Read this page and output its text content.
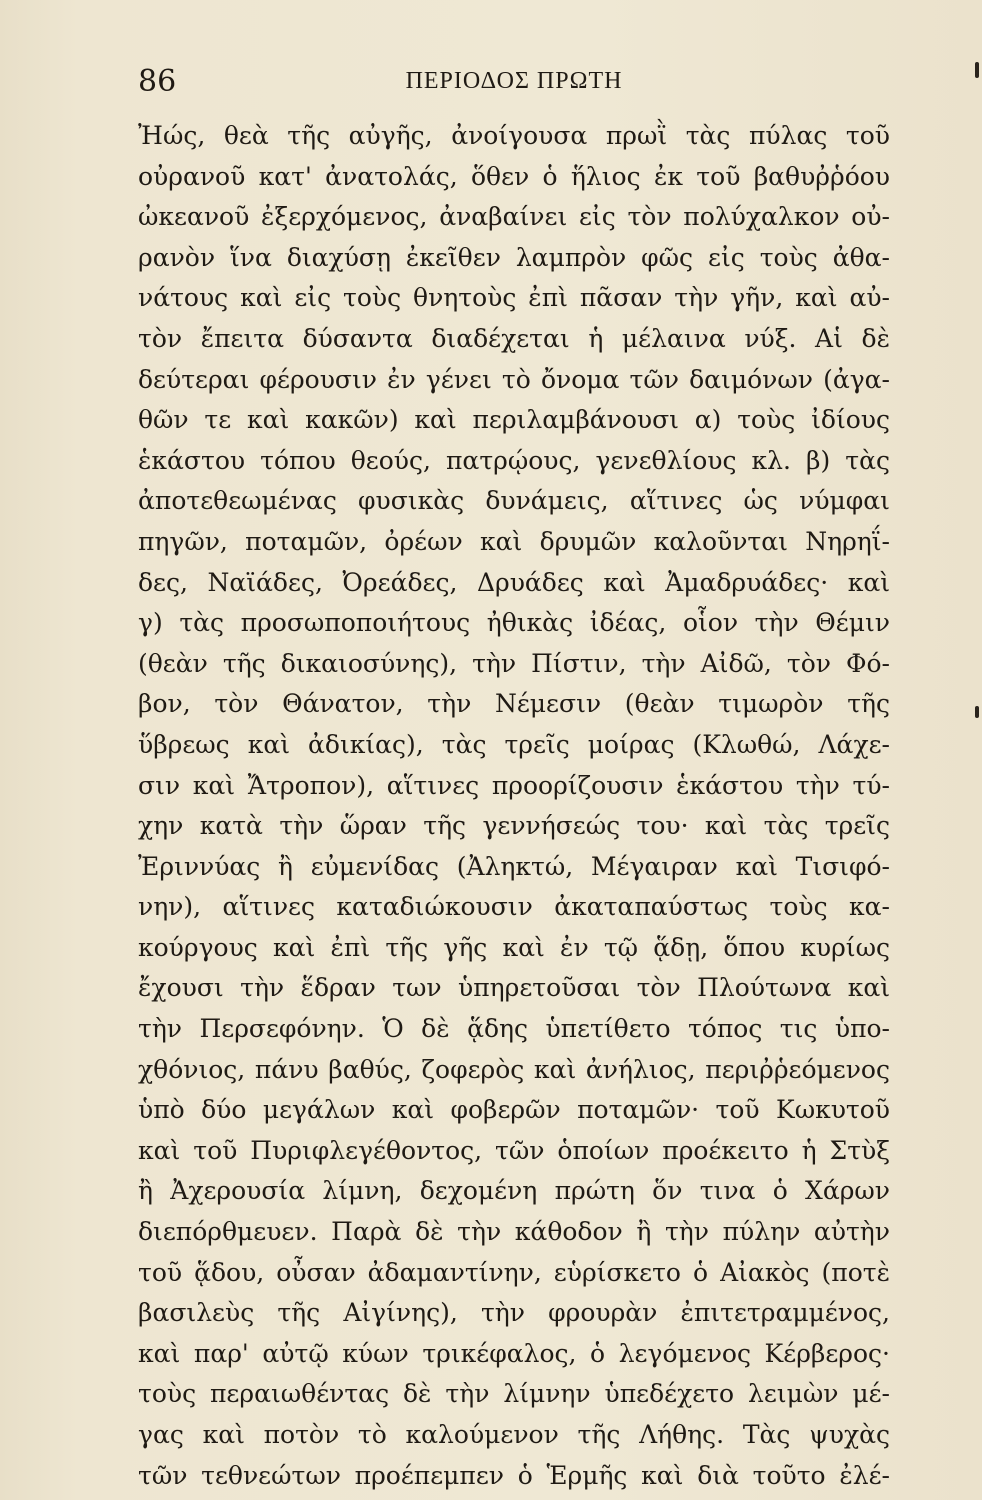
86	ΠΕΡΙΟΔΟΣ ΠΡΩΤΗ
Ἠώς, θεὰ τῆς αὐγῆς, ἀνοίγουσα πρωῒ τὰς πύλας τοῦ
οὐρανοῦ κατ' ἀνατολάς, ὅθεν ὁ ἥλιος ἐκ τοῦ βαθυῤῥόου
ὠκεανοῦ ἐξερχόμενος, ἀναβαίνει εἰς τὸν πολύχαλκον οὐ-
ρανὸν ἵνα διαχύσῃ ἐκεῖθεν λαμπρὸν φῶς εἰς τοὺς ἀθα-
νάτους καὶ εἰς τοὺς θνητοὺς ἐπὶ πᾶσαν τὴν γῆν, καὶ αὐ-
τὸν ἔπειτα δύσαντα διαδέχεται ἡ μέλαινα νύξ. Αἱ δὲ
δεύτεραι φέρουσιν ἐν γένει τὸ ὄνομα τῶν δαιμόνων (ἀγα-
θῶν τε καὶ κακῶν) καὶ περιλαμβάνουσι α) τοὺς ἰδίους
ἑκάστου τόπου θεούς, πατρῴους, γενεθλίους κλ. β) τὰς
ἀποτεθεωμένας φυσικὰς δυνάμεις, αἵτινες ὡς νύμφαι
πηγῶν, ποταμῶν, ὀρέων καὶ δρυμῶν καλοῦνται Νηρηΐ-
δες, Ναϊάδες, Ὀρεάδες, Δρυάδες καὶ Ἀμαδρυάδες· καὶ
γ) τὰς προσωποποιήτους ἠθικὰς ἰδέας, οἷον τὴν Θέμιν
(θεὰν τῆς δικαιοσύνης), τὴν Πίστιν, τὴν Αἰδῶ, τὸν Φό-
βον, τὸν Θάνατον, τὴν Νέμεσιν (θεὰν τιμωρὸν τῆς
ὕβρεως καὶ ἀδικίας), τὰς τρεῖς μοίρας (Κλωθώ, Λάχε-
σιν καὶ Ἄτροπον), αἵτινες προορίζουσιν ἑκάστου τὴν τύ-
χην κατὰ τὴν ὥραν τῆς γεννήσεώς του· καὶ τὰς τρεῖς
Ἐριννύας ἢ εὐμενίδας (Ἀληκτώ, Μέγαιραν καὶ Τισιφό-
νην), αἵτινες καταδιώκουσιν ἀκαταπαύστως τοὺς κα-
κούργους καὶ ἐπὶ τῆς γῆς καὶ ἐν τῷ ᾅδῃ, ὅπου κυρίως
ἔχουσι τὴν ἕδραν των ὑπηρετοῦσαι τὸν Πλούτωνα καὶ
τὴν Περσεφόνην. Ὁ δὲ ᾅδης ὑπετίθετο τόπος τις ὑπο-
χθόνιος, πάνυ βαθύς, ζοφερὸς καὶ ἀνήλιος, περιῤῥεόμενος
ὑπὸ δύο μεγάλων καὶ φοβερῶν ποταμῶν· τοῦ Κωκυτοῦ
καὶ τοῦ Πυριφλεγέθοντος, τῶν ὁποίων προέκειτο ἡ Στὺξ
ἢ Ἀχερουσία λίμνη, δεχομένη πρώτη ὅν τινα ὁ Χάρων
διεπόρθμευεν. Παρὰ δὲ τὴν κάθοδον ἢ τὴν πύλην αὐτὴν
τοῦ ᾅδου, οὖσαν ἀδαμαντίνην, εὑρίσκετο ὁ Αἰακὸς (ποτὲ
βασιλεὺς τῆς Αἰγίνης), τὴν φρουρὰν ἐπιτετραμμένος,
καὶ παρ' αὐτῷ κύων τρικέφαλος, ὁ λεγόμενος Κέρβερος·
τοὺς περαιωθέντας δὲ τὴν λίμνην ὑπεδέχετο λειμὼν μέ-
γας καὶ ποτὸν τὸ καλούμενον τῆς Λήθης. Τὰς ψυχὰς
τῶν τεθνεώτων προέπεμπεν ὁ Ἑρμῆς καὶ διὰ τοῦτο ἐλέ-
